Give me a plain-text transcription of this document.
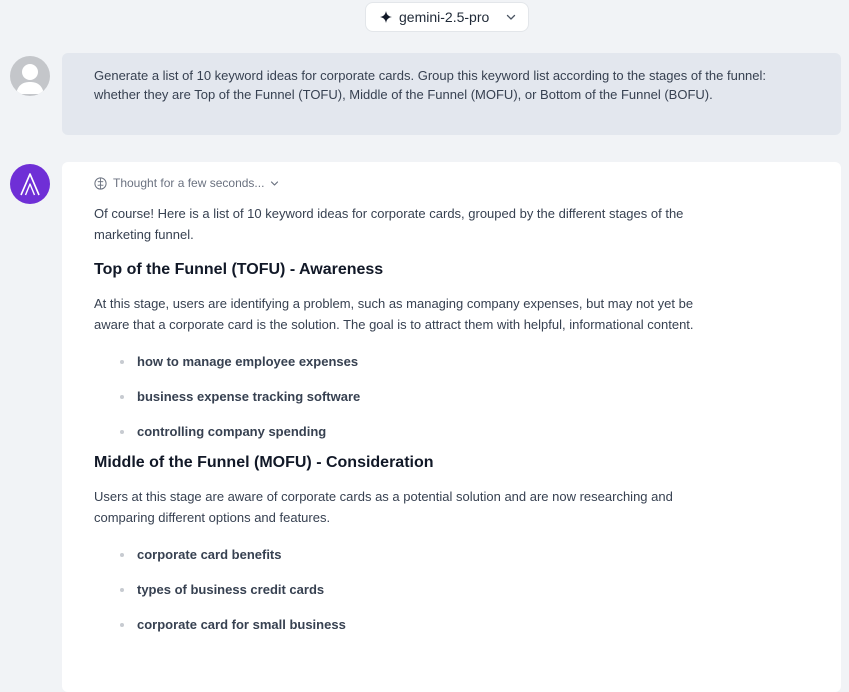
gemini-2.5-pro
Generate a list of 10 keyword ideas for corporate cards. Group this keyword list according to the stages of the funnel: whether they are Top of the Funnel (TOFU), Middle of the Funnel (MOFU), or Bottom of the Funnel (BOFU).
Thought for a few seconds...

Of course! Here is a list of 10 keyword ideas for corporate cards, grouped by the different stages of the marketing funnel.

Top of the Funnel (TOFU) - Awareness

At this stage, users are identifying a problem, such as managing company expenses, but may not yet be aware that a corporate card is the solution. The goal is to attract them with helpful, informational content.

how to manage employee expenses
business expense tracking software
controlling company spending
Middle of the Funnel (MOFU) - Consideration

Users at this stage are aware of corporate cards as a potential solution and are now researching and comparing different options and features.

corporate card benefits
types of business credit cards
corporate card for small business
